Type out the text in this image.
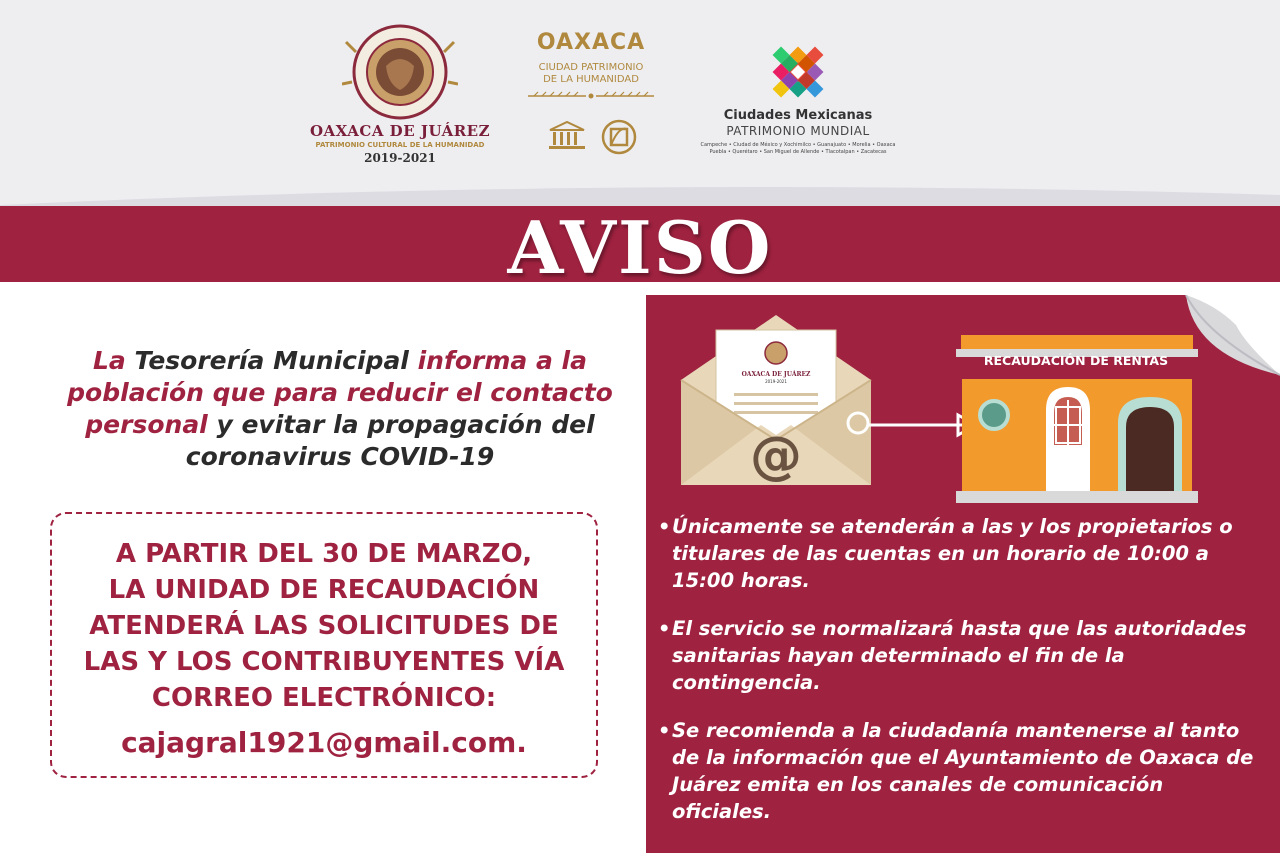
OAXACA DE JUÁREZ
PATRIMONIO CULTURAL DE LA HUMANIDAD
2019-2021
OAXACA
CIUDAD PATRIMONIO
DE LA HUMANIDAD
Ciudades Mexicanas
PATRIMONIO MUNDIAL
Campeche • Ciudad de México y Xochimilco • Guanajuato • Morelia • Oaxaca
Puebla • Querétaro • San Miguel de Allende • Tlacotalpan • Zacatecas
AVISO
La Tesorería Municipal informa a la población que para reducir el contacto personal y evitar la propagación del coronavirus COVID-19
A PARTIR DEL 30 DE MARZO,
LA UNIDAD DE RECAUDACIÓN
ATENDERÁ LAS SOLICITUDES DE
LAS Y LOS CONTRIBUYENTES VÍA
CORREO ELECTRÓNICO:
cajagral1921@gmail.com.
OAXACA DE JUÁREZ
2019-2021
@
RECAUDACIÓN DE RENTAS
• Únicamente se atenderán a las y los propietarios o titulares de las cuentas en un horario de 10:00 a 15:00 horas.
• El servicio se normalizará hasta que las autoridades sanitarias hayan determinado el fin de la contingencia.
• Se recomienda a la ciudadanía mantenerse al tanto de la información que el Ayuntamiento de Oaxaca de Juárez emita en los canales de comunicación oficiales.
